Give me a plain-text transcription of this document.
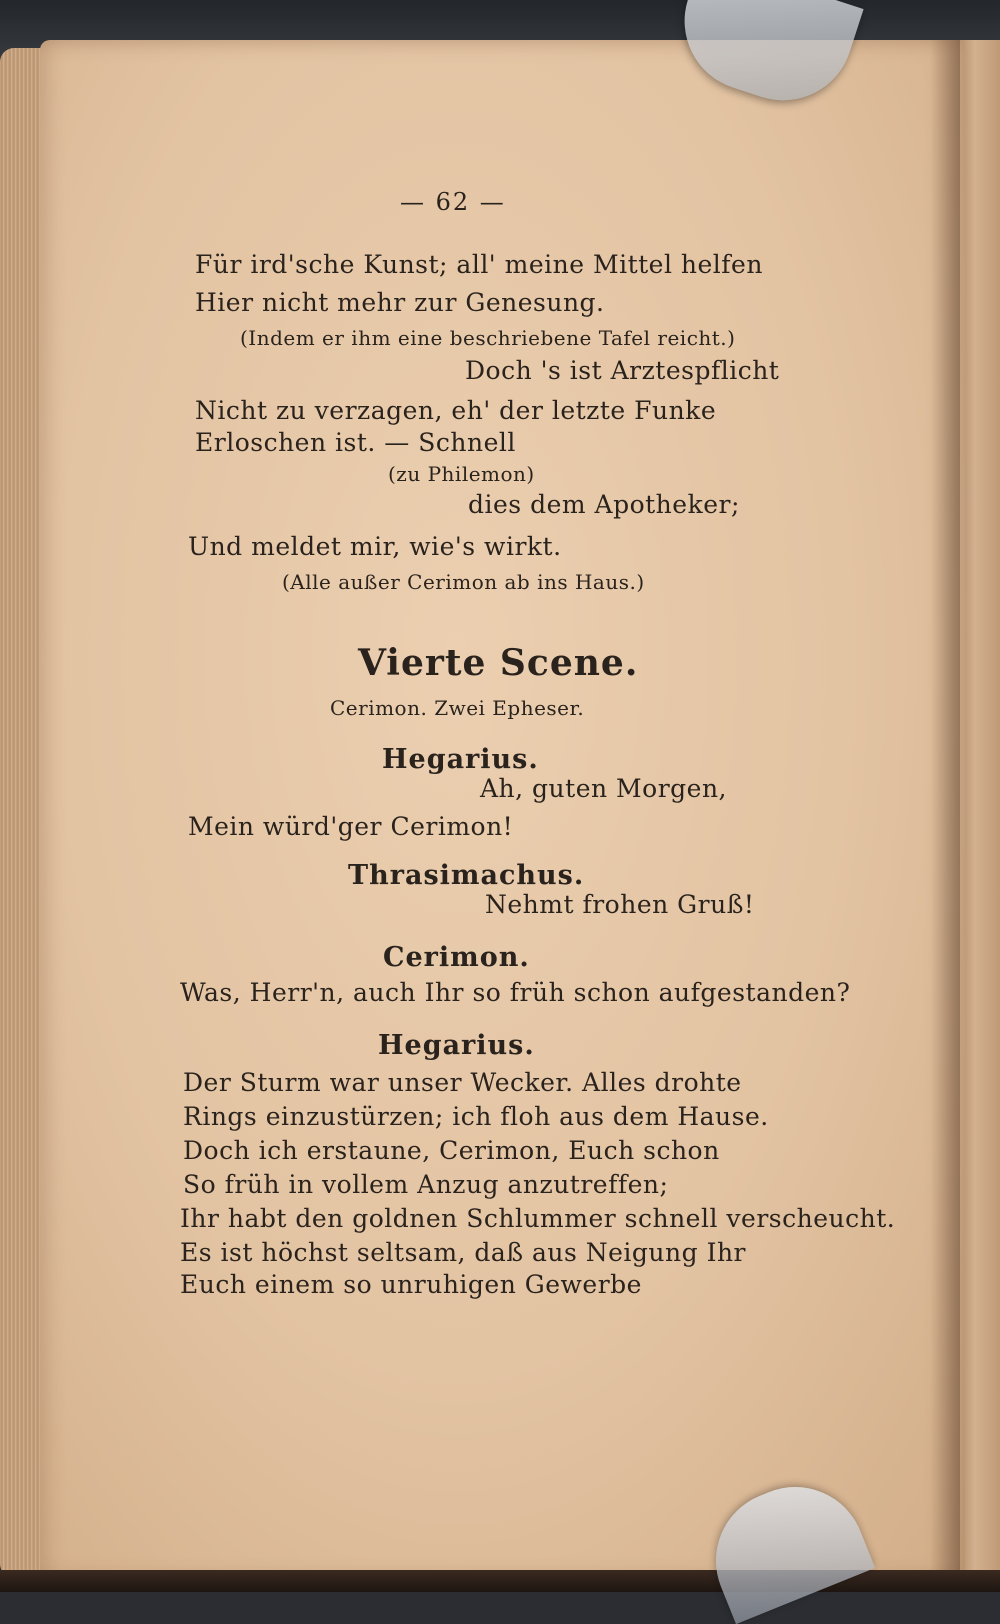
— 62 —
Für ird'sche Kunst; all' meine Mittel helfen
Hier nicht mehr zur Genesung.
(Indem er ihm eine beschriebene Tafel reicht.)
Doch 's ist Arztespflicht
Nicht zu verzagen, eh' der letzte Funke
Erloschen ist. — Schnell
(zu Philemon)
dies dem Apotheker;
Und meldet mir, wie's wirkt.
(Alle außer Cerimon ab ins Haus.)
Vierte Scene.
Cerimon. Zwei Epheser.
Hegarius.
Ah, guten Morgen,
Mein würd'ger Cerimon!
Thrasimachus.
Nehmt frohen Gruß!
Cerimon.
Was, Herr'n, auch Ihr so früh schon aufgestanden?
Hegarius.
Der Sturm war unser Wecker. Alles drohte
Rings einzustürzen; ich floh aus dem Hause.
Doch ich erstaune, Cerimon, Euch schon
So früh in vollem Anzug anzutreffen;
Ihr habt den goldnen Schlummer schnell verscheucht.
Es ist höchst seltsam, daß aus Neigung Ihr
Euch einem so unruhigen Gewerbe
